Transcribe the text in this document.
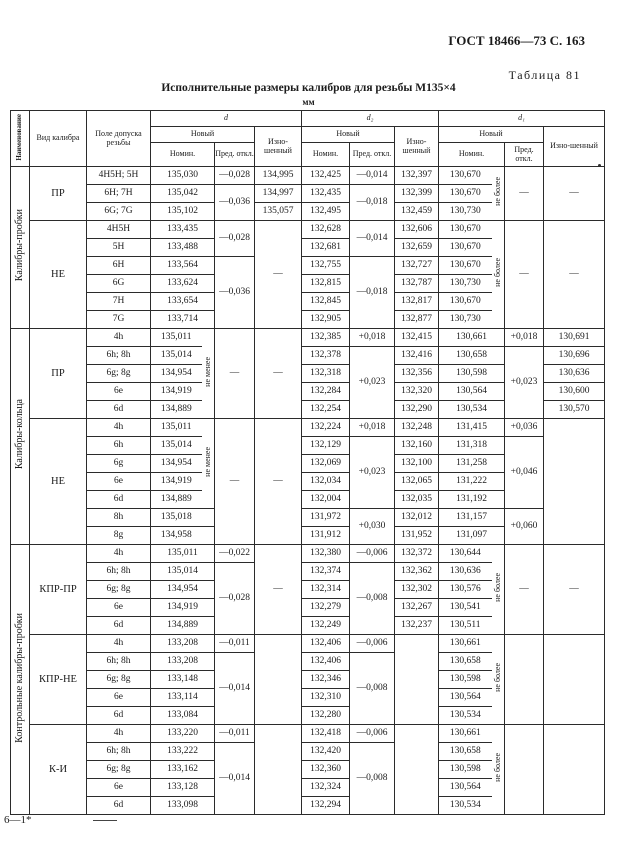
ГОСТ 18466—73 С. 163
Таблица 81
Исполнительные размеры калибров для резьбы М135×4
мм
Наименование	Вид калибра	Поле допуска резьбы	d				d₂			d₁			
			Новый			Изно-шенный	Новый		Изно-шенный	Новый			Изно-шенный
			Номин.		Пред. откл.		Номин.	Пред. откл.		Номин.		Пред. откл.	
Калибры-пробки	ПР	4Н5Н; 5Н	135,030		—0,028	134,995	132,425	—0,014	132,397	130,670	не более	—	—
		6Н; 7Н	135,042		—0,036	134,997	132,435	—0,018	132,399	130,670			
		6G; 7G	135,102			135,057	132,495		132,459	130,730			
	НЕ	4Н5Н	133,435		—0,028	—	132,628	—0,014	132,606	130,670	не более	—	—
		5Н	133,488				132,681		132,659	130,670			
		6Н	133,564		—0,036		132,755	—0,018	132,727	130,670			
		6G	133,624				132,815		132,787	130,730			
		7Н	133,654				132,845		132,817	130,670			
		7G	133,714				132,905		132,877	130,730			
Калибры-кольца	ПР	4h	135,011	не менее	—	—	132,385	+0,018	132,415	130,661		+0,018	130,691
		6h; 8h	135,014				132,378	+0,023	132,416	130,658		+0,023	130,696
		6g; 8g	134,954				132,318		132,356	130,598			130,636
		6e	134,919				132,284		132,320	130,564			130,600
		6d	134,889				132,254		132,290	130,534			130,570
	НЕ	4h	135,011	не менее	—	—	132,224	+0,018	132,248	131,415		+0,036	
		6h	135,014				132,129	+0,023	132,160	131,318		+0,046	
		6g	134,954				132,069		132,100	131,258			
		6e	134,919				132,034		132,065	131,222			
		6d	134,889				132,004		132,035	131,192			
		8h	135,018				131,972	+0,030	132,012	131,157		+0,060	
		8g	134,958				131,912		131,952	131,097			
Контрольные калибры-пробки	КПР-ПР	4h	135,011		—0,022	—	132,380	—0,006	132,372	130,644	не более	—	—
		6h; 8h	135,014		—0,028		132,374	—0,008	132,362	130,636			
		6g; 8g	134,954				132,314		132,302	130,576			
		6e	134,919				132,279		132,267	130,541			
		6d	134,889				132,249		132,237	130,511			
	КПР-НЕ	4h	133,208		—0,011		132,406	—0,006		130,661	не более		
		6h; 8h	133,208		—0,014		132,406	—0,008		130,658			
		6g; 8g	133,148				132,346			130,598			
		6e	133,114				132,310			130,564			
		6d	133,084				132,280			130,534			
	К-И	4h	133,220		—0,011		132,418	—0,006		130,661	не более		
		6h; 8h	133,222		—0,014		132,420	—0,008		130,658			
		6g; 8g	133,162				132,360			130,598			
		6e	133,128				132,324			130,564			
		6d	133,098				132,294			130,534			
6—1*
